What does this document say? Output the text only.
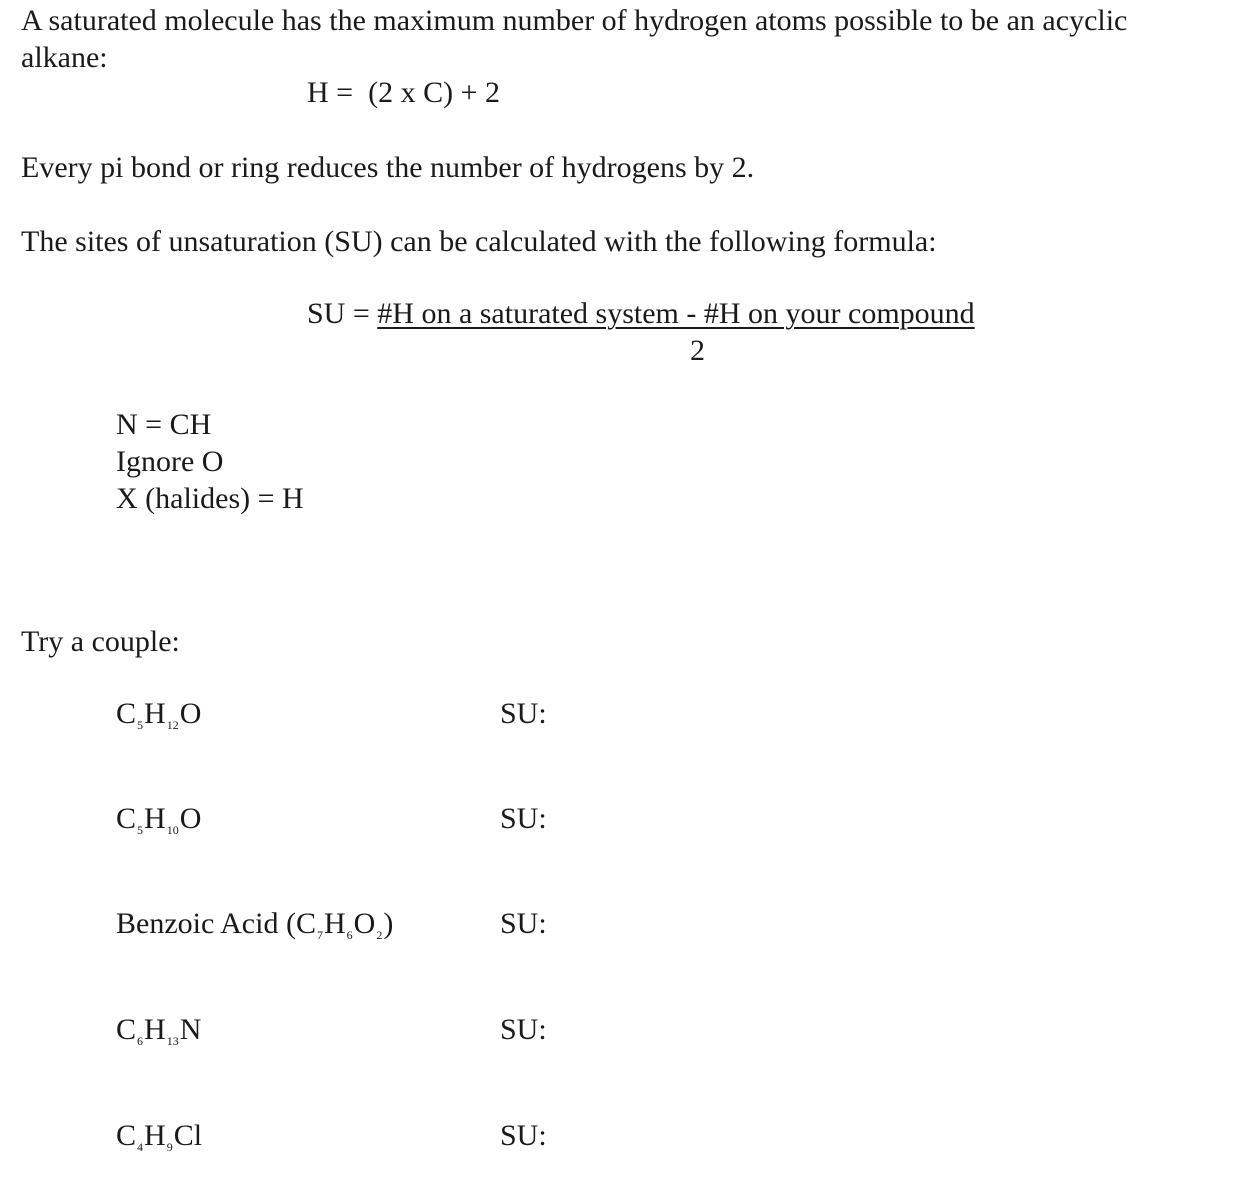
A saturated molecule has the maximum number of hydrogen atoms possible to be an acyclic
alkane:
H =  (2 x C) + 2
Every pi bond or ring reduces the number of hydrogens by 2.
The sites of unsaturation (SU) can be calculated with the following formula:
SU = #H on a saturated system - #H on your compound
2
N = CH
Ignore O
X (halides) = H
Try a couple:
$C_5H_{12}O$	SU:
$C_5H_{10}O$	SU:
Benzoic Acid $(C_7H_6O_2)$	SU:
$C_6H_{13}N$	SU:
$C_4H_9Cl$	SU:
